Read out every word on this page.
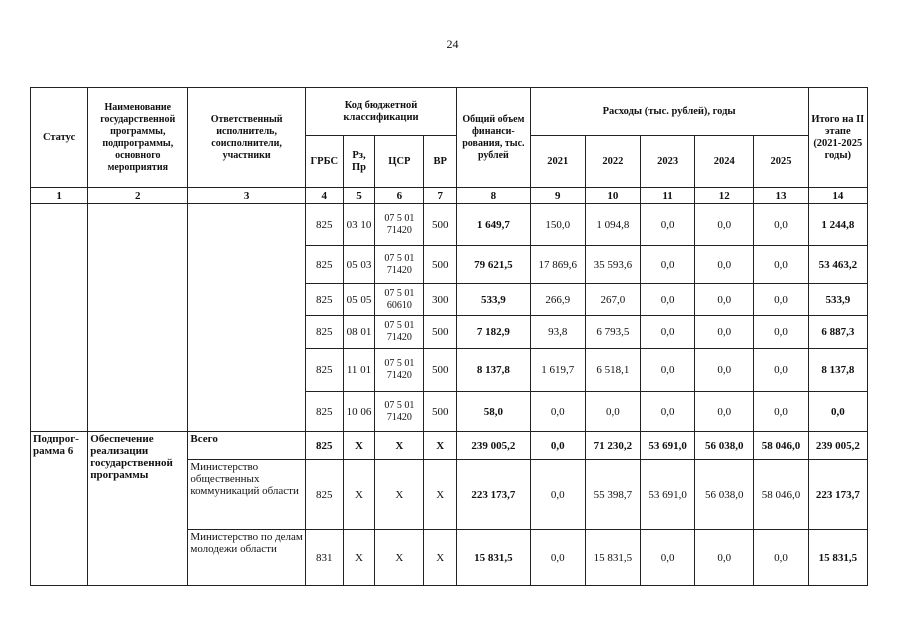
24
Статус	Наименование государственной программы, подпрограммы, основного мероприятия	Ответственный исполнитель, соисполнители, участники	Код бюджетной классификации				Общий объем финанси-рования, тыс. рублей	Расходы (тыс. рублей), годы					Итого на II этапе (2021-2025 годы)
			ГРБС	Рз, Пр	ЦСР	ВР		2021	2022	2023	2024	2025	
1	2	3	4	5	6	7	8	9	10	11	12	13	14
			825	03 10	07 5 01 71420	500	1 649,7	150,0	1 094,8	0,0	0,0	0,0	1 244,8
			825	05 03	07 5 01 71420	500	79 621,5	17 869,6	35 593,6	0,0	0,0	0,0	53 463,2
			825	05 05	07 5 01 60610	300	533,9	266,9	267,0	0,0	0,0	0,0	533,9
			825	08 01	07 5 01 71420	500	7 182,9	93,8	6 793,5	0,0	0,0	0,0	6 887,3
			825	11 01	07 5 01 71420	500	8 137,8	1 619,7	6 518,1	0,0	0,0	0,0	8 137,8
			825	10 06	07 5 01 71420	500	58,0	0,0	0,0	0,0	0,0	0,0	0,0
Подпрог-рамма 6	Обеспечение реализации государственной программы	Всего	825	X	X	X	239 005,2	0,0	71 230,2	53 691,0	56 038,0	58 046,0	239 005,2
		Министерство общественных коммуникаций области	825	X	X	X	223 173,7	0,0	55 398,7	53 691,0	56 038,0	58 046,0	223 173,7
		Министерство по делам молодежи области	831	X	X	X	15 831,5	0,0	15 831,5	0,0	0,0	0,0	15 831,5
